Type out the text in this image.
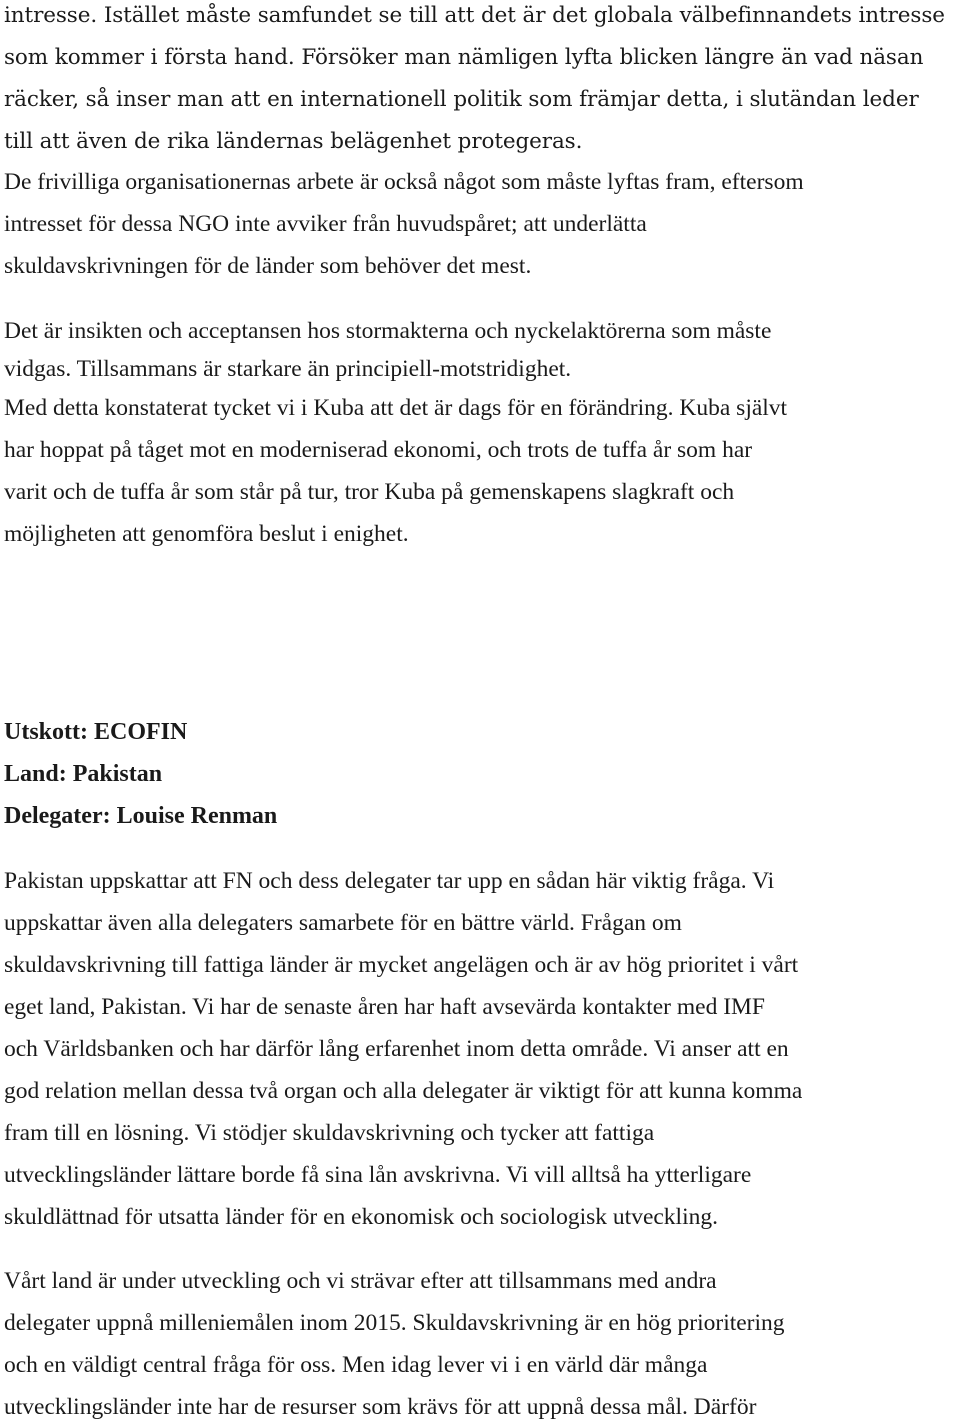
intresse. Istället måste samfundet se till att det är det globala välbefinnandets intresse
som kommer i första hand. Försöker man nämligen lyfta blicken längre än vad näsan
räcker, så inser man att en internationell politik som främjar detta, i slutändan leder
till att även de rika ländernas belägenhet protegeras.
De frivilliga organisationernas arbete är också något som måste lyftas fram, eftersom
intresset för dessa NGO inte avviker från huvudspåret; att underlätta
skuldavskrivningen för de länder som behöver det mest.
Det är insikten och acceptansen hos stormakterna och nyckelaktörerna som måste
vidgas. Tillsammans är starkare än principiell-motstridighet.
Med detta konstaterat tycket vi i Kuba att det är dags för en förändring. Kuba självt
har hoppat på tåget mot en moderniserad ekonomi, och trots de tuffa år som har
varit och de tuffa år som står på tur, tror Kuba på gemenskapens slagkraft och
möjligheten att genomföra beslut i enighet.
Utskott: ECOFIN
Land: Pakistan
Delegater: Louise Renman
Pakistan uppskattar att FN och dess delegater tar upp en sådan här viktig fråga. Vi
uppskattar även alla delegaters samarbete för en bättre värld. Frågan om
skuldavskrivning till fattiga länder är mycket angelägen och är av hög prioritet i vårt
eget land, Pakistan. Vi har de senaste åren har haft avsevärda kontakter med IMF
och Världsbanken och har därför lång erfarenhet inom detta område. Vi anser att en
god relation mellan dessa två organ och alla delegater är viktigt för att kunna komma
fram till en lösning. Vi stödjer skuldavskrivning och tycker att fattiga
utvecklingsländer lättare borde få sina lån avskrivna. Vi vill alltså ha ytterligare
skuldlättnad för utsatta länder för en ekonomisk och sociologisk utveckling.
Vårt land är under utveckling och vi strävar efter att tillsammans med andra
delegater uppnå milleniemålen inom 2015. Skuldavskrivning är en hög prioritering
och en väldigt central fråga för oss. Men idag lever vi i en värld där många
utvecklingsländer inte har de resurser som krävs för att uppnå dessa mål. Därför
